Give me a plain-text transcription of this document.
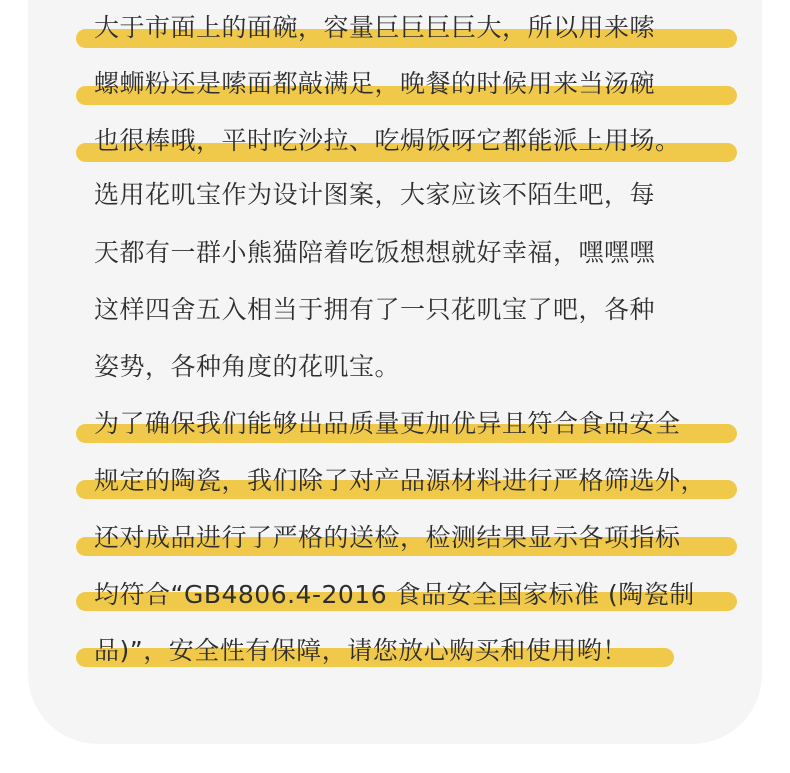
大于市面上的面碗，容量巨巨巨巨大，所以用来嗦
螺蛳粉还是嗦面都敲满足，晚餐的时候用来当汤碗
也很棒哦，平时吃沙拉、吃焗饭呀它都能派上用场。
选用花叽宝作为设计图案，大家应该不陌生吧，每
天都有一群小熊猫陪着吃饭想想就好幸福，嘿嘿嘿
这样四舍五入相当于拥有了一只花叽宝了吧，各种
姿势，各种角度的花叽宝。
为了确保我们能够出品质量更加优异且符合食品安全
规定的陶瓷，我们除了对产品源材料进行严格筛选外，
还对成品进行了严格的送检，检测结果显示各项指标
均符合“GB4806.4-2016 食品安全国家标准 (陶瓷制
品)”，安全性有保障，请您放心购买和使用哟！
